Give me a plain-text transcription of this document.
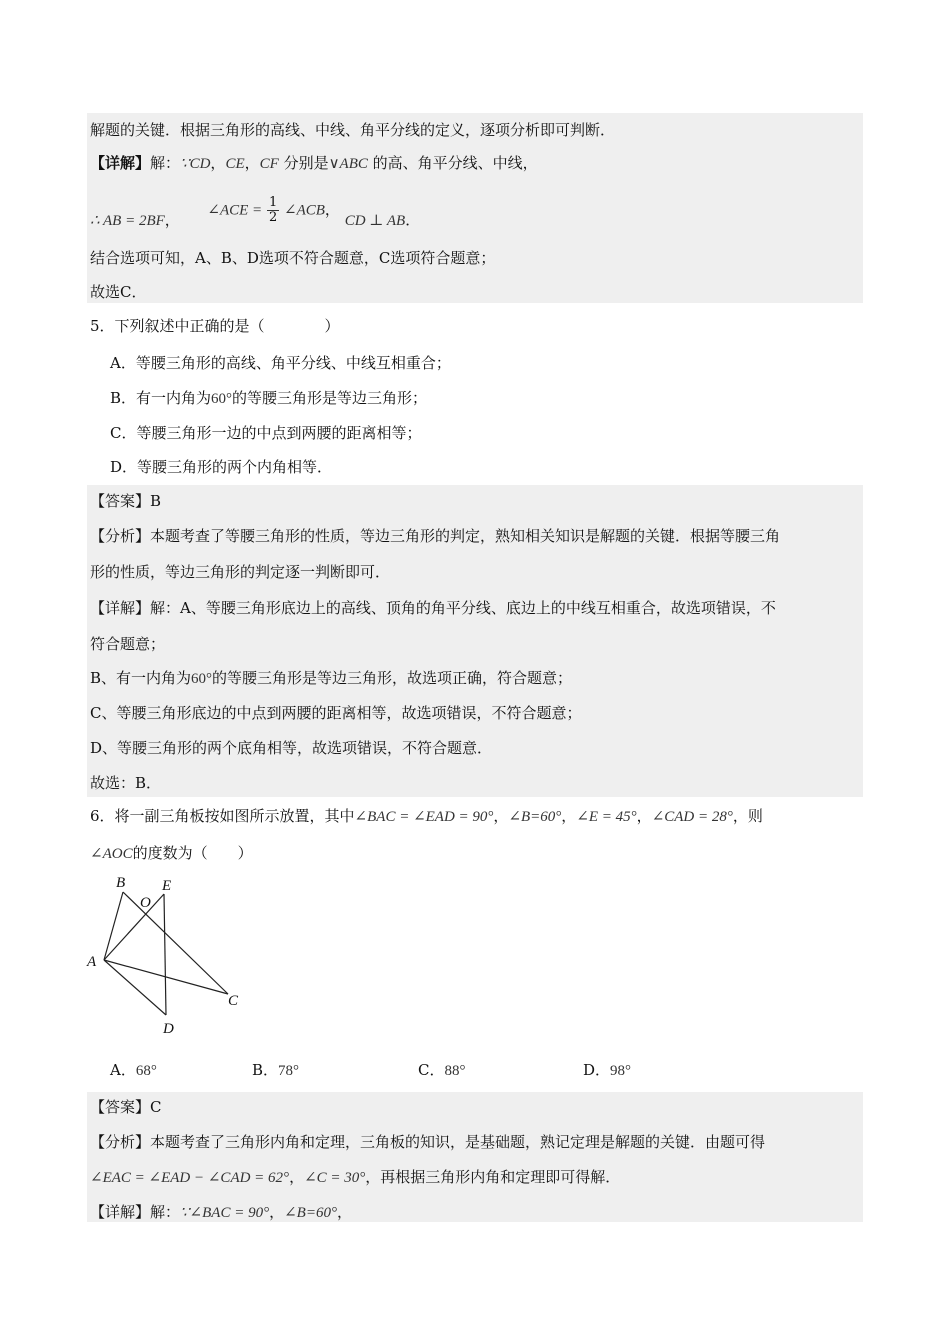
解题的关键．根据三角形的高线、中线、角平分线的定义，逐项分析即可判断．
【详解】解：∵CD，CE，CF 分别是∨ABC 的高、角平分线、中线，
∴ AB = 2BF， ∠ACE = $\frac{1}{2}$ ∠ACB， CD ⊥ AB．
结合选项可知，A、B、D选项不符合题意，C选项符合题意；
故选C．
5．下列叙述中正确的是（　　　　）
A．等腰三角形的高线、角平分线、中线互相重合；
B．有一内角为60°的等腰三角形是等边三角形；
C．等腰三角形一边的中点到两腰的距离相等；
D．等腰三角形的两个内角相等．
【答案】B
【分析】本题考查了等腰三角形的性质，等边三角形的判定，熟知相关知识是解题的关键．根据等腰三角
形的性质，等边三角形的判定逐一判断即可．
【详解】解：A、等腰三角形底边上的高线、顶角的角平分线、底边上的中线互相重合，故选项错误，不
符合题意；
B、有一内角为60°的等腰三角形是等边三角形，故选项正确，符合题意；
C、等腰三角形底边的中点到两腰的距离相等，故选项错误，不符合题意；
D、等腰三角形的两个底角相等，故选项错误，不符合题意．
故选：B．
6．将一副三角板按如图所示放置，其中∠BAC = ∠EAD = 90°，∠B=60°，∠E = 45°，∠CAD = 28°，则
∠AOC的度数为（　　）
B E
O
A
C
D
A．68°	B．78°	C．88°	D．98°
【答案】C
【分析】本题考查了三角形内角和定理，三角板的知识，是基础题，熟记定理是解题的关键．由题可得
∠EAC = ∠EAD − ∠CAD = 62°，∠C = 30°，再根据三角形内角和定理即可得解．
【详解】解：∵∠BAC = 90°，∠B=60°，
